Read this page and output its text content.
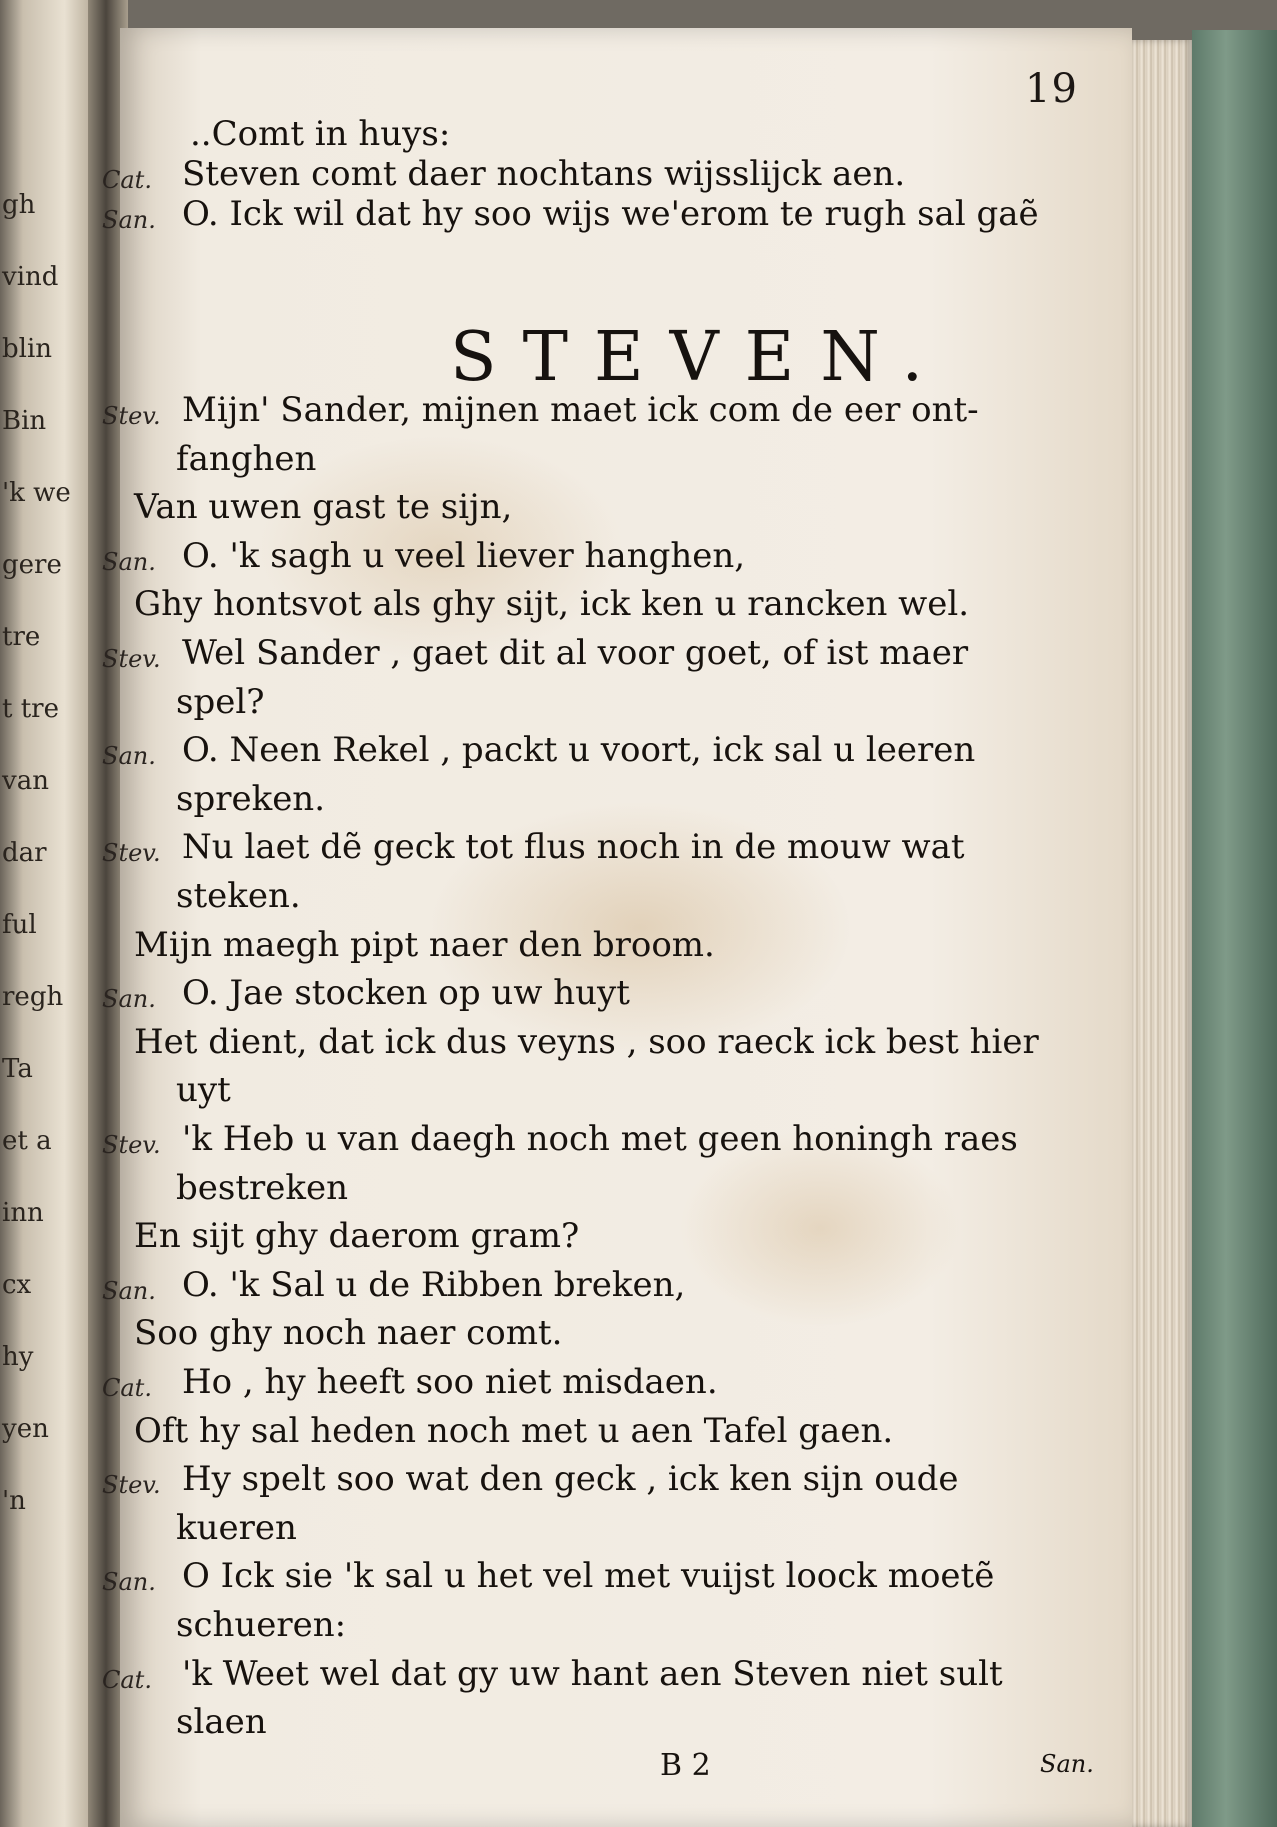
gh
vind
blin
Bin
'k we
gere
tre
t tre
van
dar
ful
regh
Ta
et a
inn
cx
hy
yen
'n
19
..Comt in huys:
Cat. Steven comt daer nochtans wijsslijck aen.
San. O. Ick wil dat hy soo wijs we'erom te rugh sal gaẽ
STEVEN.
Stev. Mijn' Sander, mijnen maet ick com de eer ont-
fanghen
Van uwen gast te sijn,
San. O. 'k sagh u veel liever hanghen,
Ghy hontsvot als ghy sijt, ick ken u rancken wel.
Stev. Wel Sander , gaet dit al voor goet, of ist maer
spel?
San. O. Neen Rekel , packt u voort, ick sal u leeren
spreken.
Stev. Nu laet dẽ geck tot flus noch in de mouw wat
steken.
Mijn maegh pipt naer den broom.
San. O. Jae stocken op uw huyt
Het dient, dat ick dus veyns , soo raeck ick best hier
uyt
Stev. 'k Heb u van daegh noch met geen honingh raes
bestreken
En sijt ghy daerom gram?
San. O. 'k Sal u de Ribben breken,
Soo ghy noch naer comt.
Cat. Ho , hy heeft soo niet misdaen.
Oft hy sal heden noch met u aen Tafel gaen.
Stev. Hy spelt soo wat den geck , ick ken sijn oude
kueren
San. O Ick sie 'k sal u het vel met vuijst loock moetẽ
schueren:
Cat. 'k Weet wel dat gy uw hant aen Steven niet sult
slaen
B 2	San.
